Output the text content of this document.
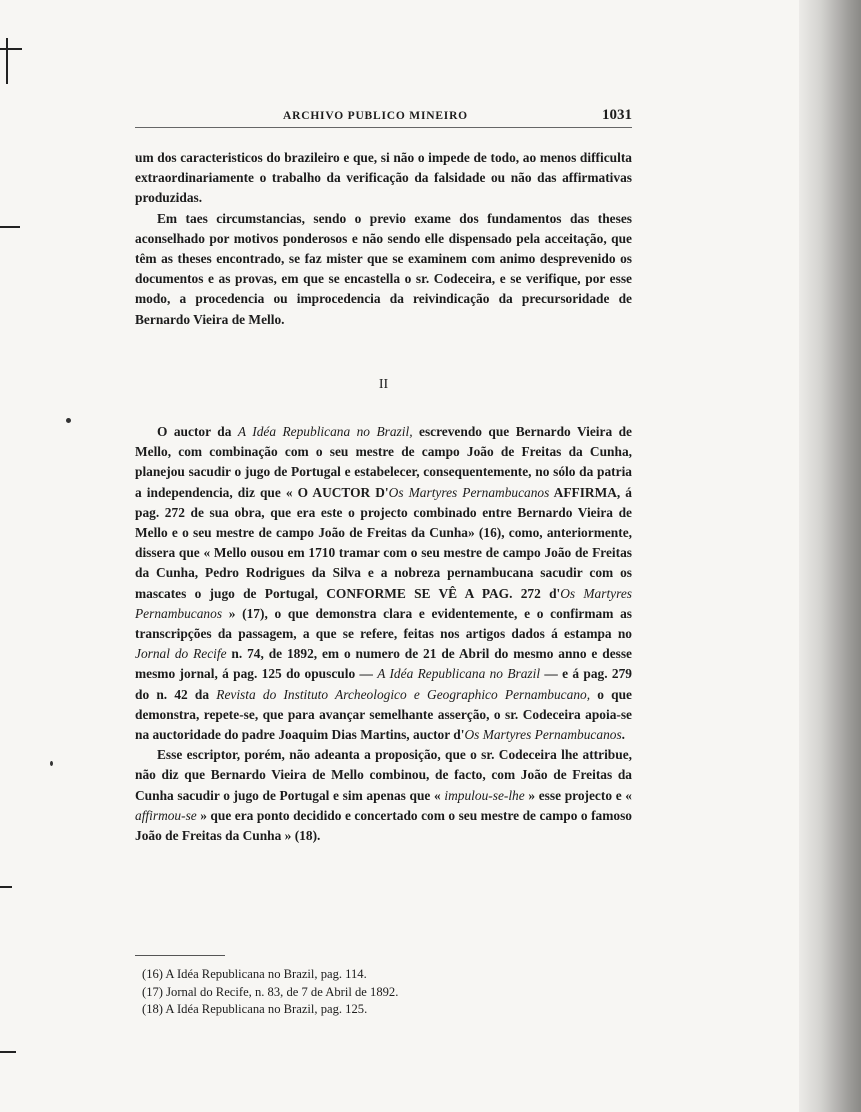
ARCHIVO PUBLICO MINEIRO	1031

um dos caracteristicos do brazileiro e que, si não o impede de todo, ao menos difficulta extraordinariamente o trabalho da verificação da falsidade ou não das affirmativas produzidas.

Em taes circumstancias, sendo o previo exame dos fundamentos das theses aconselhado por motivos ponderosos e não sendo elle dispensado pela acceitação, que têm as theses encontrado, se faz mister que se examinem com animo desprevenido os documentos e as provas, em que se encastella o sr. Codeceira, e se verifique, por esse modo, a procedencia ou improcedencia da reivindicação da precursoridade de Bernardo Vieira de Mello.

II

O auctor da A Idéa Republicana no Brazil, escrevendo que Bernardo Vieira de Mello, com combinação com o seu mestre de campo João de Freitas da Cunha, planejou sacudir o jugo de Portugal e estabelecer, consequentemente, no sólo da patria a independencia, diz que « O AUCTOR D'Os Martyres Pernambucanos AFFIRMA, á pag. 272 de sua obra, que era este o projecto combinado entre Bernardo Vieira de Mello e o seu mestre de campo João de Freitas da Cunha» (16), como, anteriormente, dissera que « Mello ousou em 1710 tramar com o seu mestre de campo João de Freitas da Cunha, Pedro Rodrigues da Silva e a nobreza pernambucana sacudir com os mascates o jugo de Portugal, CONFORME SE VÊ A PAG. 272 d'Os Martyres Pernambucanos » (17), o que demonstra clara e evidentemente, e o confirmam as transcripções da passagem, a que se refere, feitas nos artigos dados á estampa no Jornal do Recife n. 74, de 1892, em o numero de 21 de Abril do mesmo anno e desse mesmo jornal, á pag. 125 do opusculo — A Idéa Republicana no Brazil — e á pag. 279 do n. 42 da Revista do Instituto Archeologico e Geographico Pernambucano, o que demonstra, repete-se, que para avançar semelhante asserção, o sr. Codeceira apoia-se na auctoridade do padre Joaquim Dias Martins, auctor d'Os Martyres Pernambucanos.

Esse escriptor, porém, não adeanta a proposição, que o sr. Codeceira lhe attribue, não diz que Bernardo Vieira de Mello combinou, de facto, com João de Freitas da Cunha sacudir o jugo de Portugal e sim apenas que « impulou-se-lhe » esse projecto e « affirmou-se » que era ponto decidido e concertado com o seu mestre de campo o famoso João de Freitas da Cunha » (18).

(16) A Idéa Republicana no Brazil, pag. 114.
(17) Jornal do Recife, n. 83, de 7 de Abril de 1892.
(18) A Idéa Republicana no Brazil, pag. 125.
